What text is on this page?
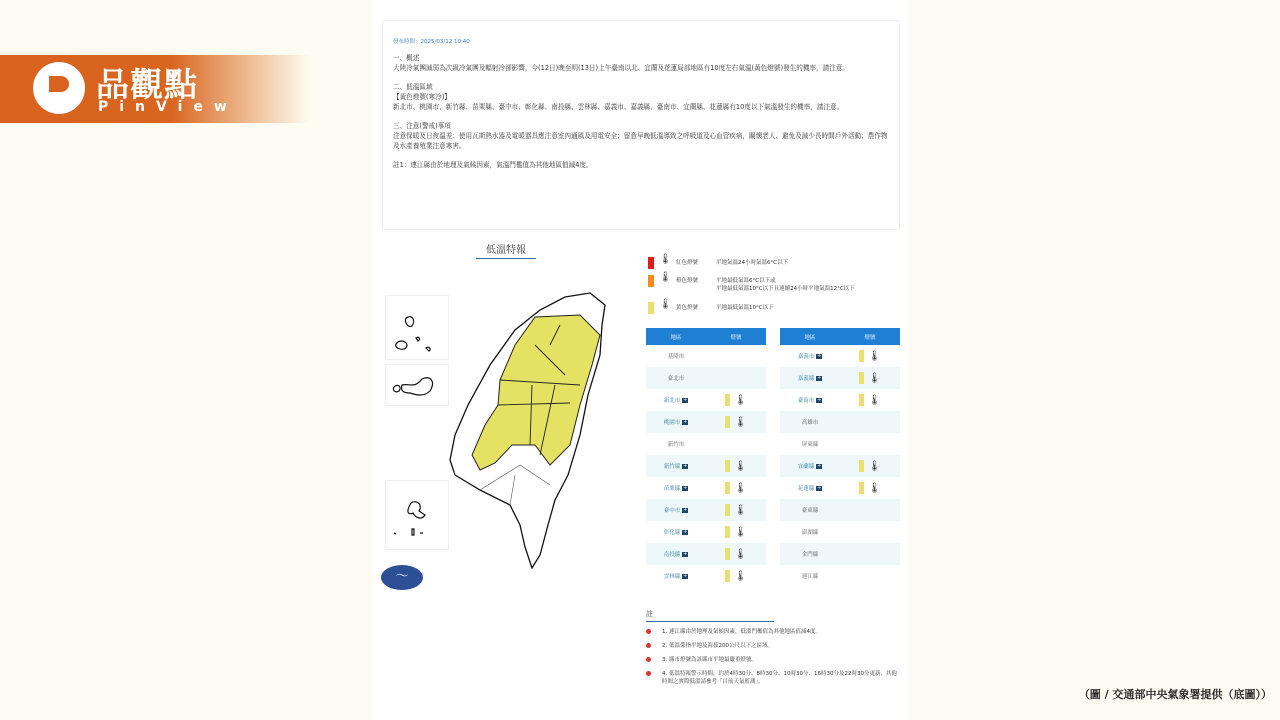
品觀點
PinView
發布時間：2025/03/12 10:40

一、概述

大陸冷氣團減弱為次級冷氣團及輻射冷卻影響，今(12日)晚至明(13日)上午臺南以北、宜蘭及花蓮局部地區有10度左右氣溫(黃色燈號)發生的機率，請注意。

二、低溫區域

【黃色燈號(寒冷)】

新北市、桃園市、新竹縣、苗栗縣、臺中市、彰化縣、南投縣、雲林縣、嘉義市、嘉義縣、臺南市、宜蘭縣、花蓮縣有10度以下氣溫發生的機率，請注意。

三、注意(警戒)事項

注意保暖及日夜溫差；使用瓦斯熱水器及電暖器具應注意室內通風及用電安全；留意早晚低溫導致之呼吸道及心血管疾病，關懷老人、避免及減少長時間戶外活動；農作物及水產養殖業注意寒害。

註1：連江縣由於地理及氣候因素，氣溫門檻值為其他地區值減4度。

低溫特報
〜
🌡 紅色燈號	平地氣溫24小時氣溫6°C以下
🌡 橙色燈號	平地最低氣溫6°C以下或
平地最低氣溫10°C以下且連續24小時平地氣溫12°C以下
🌡 黃色燈號	平地最低氣溫10°C以下
地區	燈號
基隆市	
臺北市	
新北市 +	🌡
桃園市 +	🌡
新竹市	
新竹縣 +	🌡
苗栗縣 +	🌡
臺中市 +	🌡
彰化縣 +	🌡
南投縣 +	🌡
雲林縣 +	🌡
地區	燈號
嘉義市 +	🌡
嘉義縣 +	🌡
臺南市 +	🌡
高雄市	
屏東縣	
宜蘭縣 +	🌡
花蓮縣 +	🌡
臺東縣	
澎湖縣	
金門縣	
連江縣	
註
1. 連江縣由於地理及氣候因素，低溫門檻值為其他地區值減4度。
2. 低溫係指平地及海拔200公尺以下之區域。
3. 縣市燈號為該縣市平地最嚴重燈號。
4. 低溫特報警示時間，約於4時30分、8時30分、10時30分、16時30分及22時30分更新，其他時間之實際低溫請參考「目前天氣監測」。
（圖 / 交通部中央氣象署提供（底圖））
